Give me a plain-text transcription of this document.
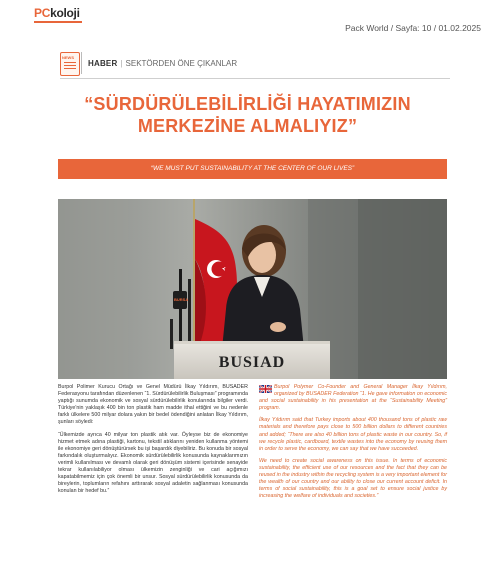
PCkoloji
Pack World / Sayfa: 10 / 01.02.2025
NEWS
HABER | SEKTÖRDEN ÖNE ÇIKANLAR
“SÜRDÜRÜLEBİLİRLİĞİ HAYATIMIZIN
MERKEZİNE ALMALIYIZ”
“WE MUST PUT SUSTAINABILITY AT THE CENTER OF OUR LIVES”
BURSA
BUSIAD

Burpol Polimer Kurucu Ortağı ve Genel Müdürü İlkay Yıldırım, BUSADER Federasyonu tarafından düzenlenen “1. Sürdürülebilirlik Buluşması” programında yaptığı sunumda ekonomik ve sosyal sürdürülebilirlik konularında bilgiler verdi. Türkiye'nin yaklaşık 400 bin ton plastik ham madde ithal ettiğini ve bu nedenle farklı ülkelere 500 milyar dolara yakın bir bedel ödendiğini anlatan İlkay Yıldırım, şunları söyledi:

“Ülkemizde ayrıca 40 milyar ton plastik atık var. Öyleyse biz de ekonomiye hizmet etmek adına plastiği, kartonu, tekstil atıklarını yeniden kullanma yöntemi ile ekonomiye geri dönüştürürsek bu işi başardık diyebiliriz. Bu konuda bir sosyal farkındalık oluşturmalıyız. Ekonomik sürdürülebilirlik konusunda kaynaklarımızın verimli kullanılması ve devamlı olarak geri dönüşüm sistemi içerisinde senayide tekrar kullanılabiliyor olması ülkemizin zenginliği ve cari açığımızı kapatabilmemiz için çok önemli bir unsur. Sosyal sürdürülebilirlik konusunda da bireylerin, toplumların refahını arttırarak sosyal adaletin sağlanması konusunda konulan bir hedef bu.”

Burpol Polymer Co-Founder and General Manager İlkay Yıldırım, organized by BUSADER Federation “1. He gave information on economic and social sustainability in his presentation at the “Sustainability Meeting” program.

İlkay Yıldırım said that Turkey imports about 400 thousand tons of plastic raw materials and therefore pays close to 500 billion dollars to different countries and added; “There are also 40 billion tons of plastic waste in our country. So, if we recycle plastic, cardboard, textile wastes into the economy by reusing them in order to serve the economy, we can say that we have succeeded.

We need to create social awareness on this issue. In terms of economic sustainability, the efficient use of our resources and the fact that they can be reused in the industry within the recycling system is a very important element for the wealth of our country and our ability to close our current account deficit. In terms of social sustainability, this is a goal set to ensure social justice by increasing the welfare of individuals and societies.”
